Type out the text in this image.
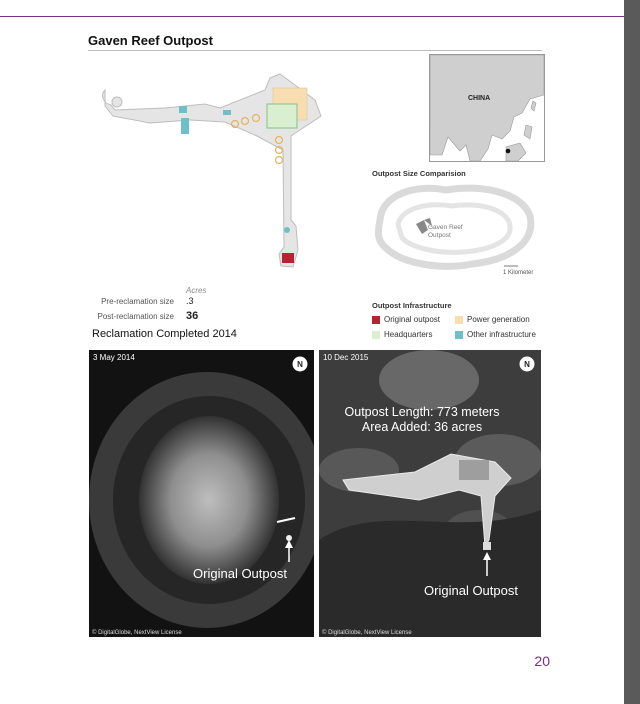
Gaven Reef Outpost
CHINA
Outpost Size Comparision
Gaven Reef
Outpost
1 Kilometer
Acres
Pre-reclamation size .3
Post-reclamation size 36
Reclamation Completed 2014
Outpost Infrastructure
Original outpost	Power generation
Headquarters	Other infrastructure
3 May 2014
N
Original Outpost
© DigitalGlobe, NextView License
10 Dec 2015
N
Outpost Length: 773 meters
Area Added: 36 acres
Original Outpost
© DigitalGlobe, NextView License
20
